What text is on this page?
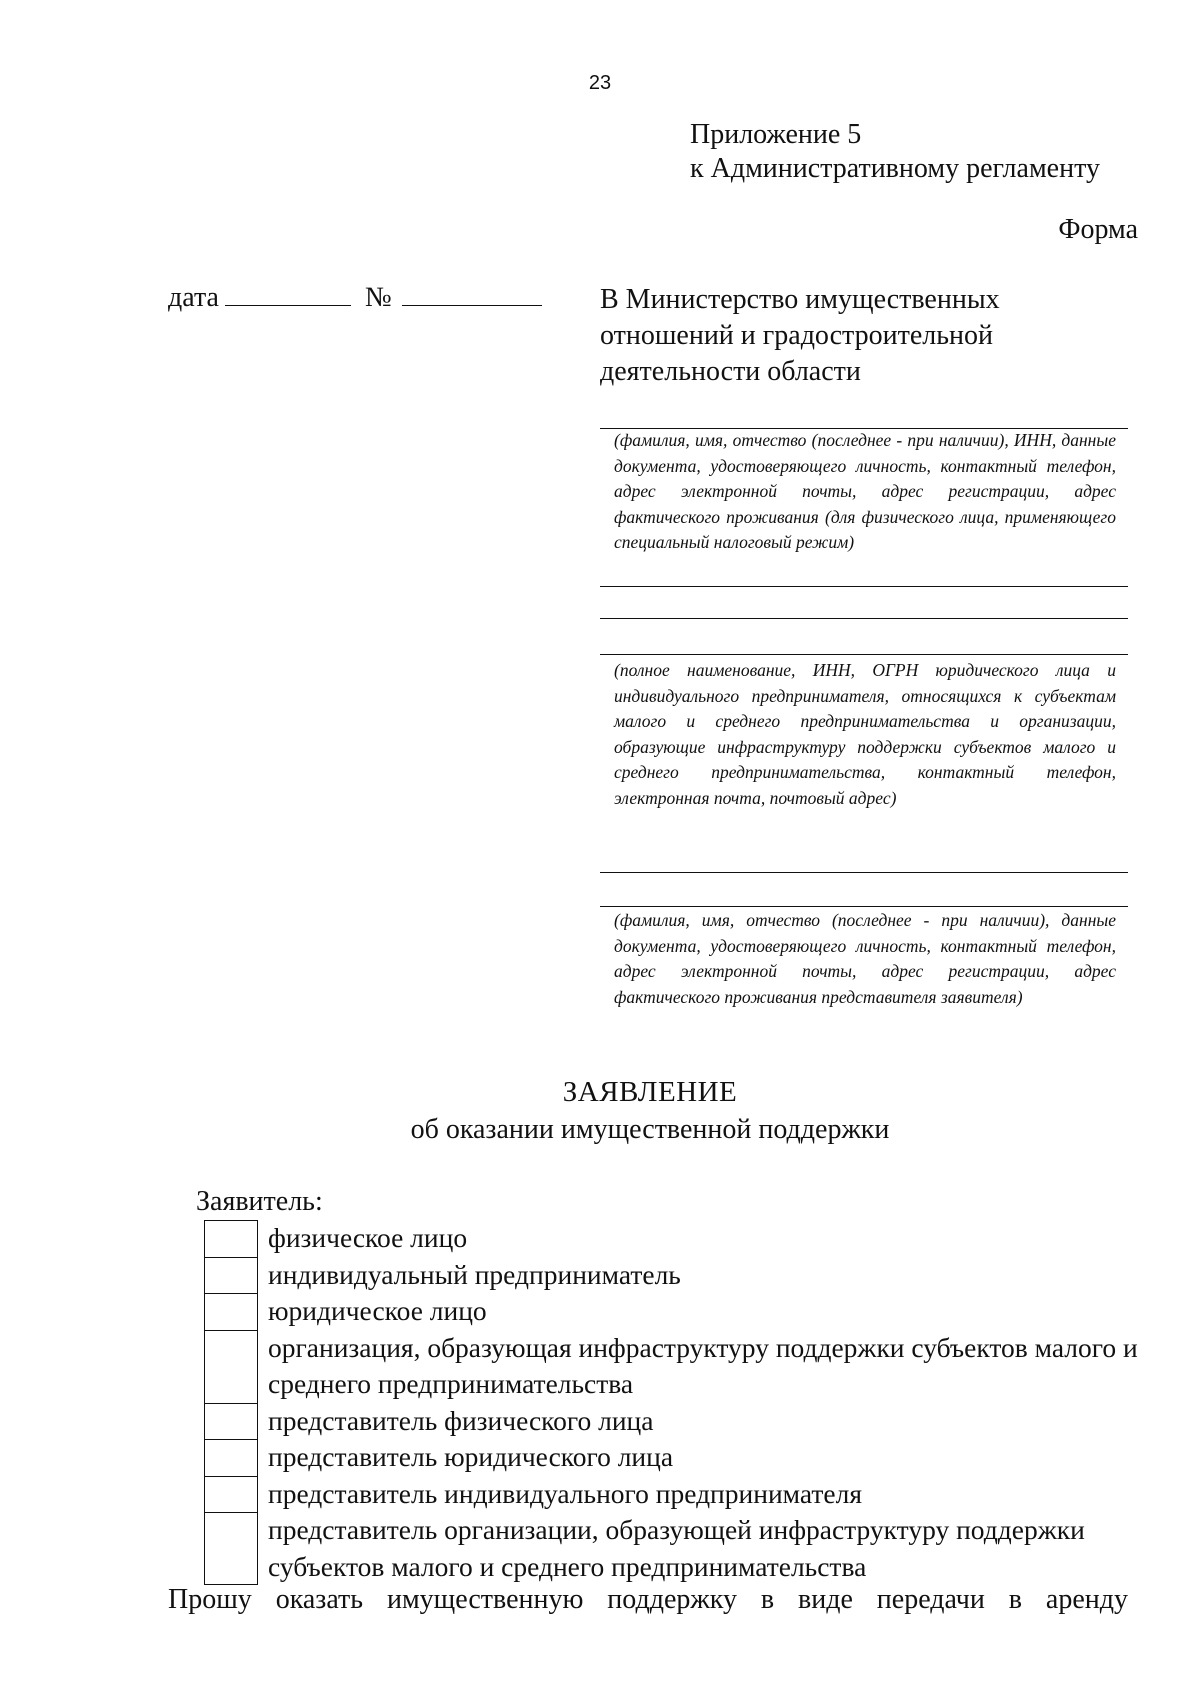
23
Приложение 5
к Административному регламенту
Форма
дата	№	В Министерство имущественных
отношений и градостроительной
деятельности области
(фамилия, имя, отчество (последнее - при наличии), ИНН, данные документа, удостоверяющего личность, контактный телефон, адрес электронной почты, адрес регистрации, адрес фактического проживания (для физического лица, применяющего специальный налоговый режим)
(полное наименование, ИНН, ОГРН юридического лица и индивидуального предпринимателя, относящихся к субъектам малого и среднего предпринимательства и организации, образующие инфраструктуру поддержки субъектов малого и среднего предпринимательства, контактный телефон, электронная почта, почтовый адрес)
(фамилия, имя, отчество (последнее - при наличии), данные документа, удостоверяющего личность, контактный телефон, адрес электронной почты, адрес регистрации, адрес фактического проживания представителя заявителя)
ЗАЯВЛЕНИЕ
об оказании имущественной поддержки
Заявитель:
физическое лицо
индивидуальный предприниматель
юридическое лицо
организация, образующая инфраструктуру поддержки субъектов малого и среднего предпринимательства
представитель физического лица
представитель юридического лица
представитель индивидуального предпринимателя
представитель организации, образующей инфраструктуру поддержки субъектов малого и среднего предпринимательства
Прошу оказать имущественную поддержку в виде передачи в аренду
